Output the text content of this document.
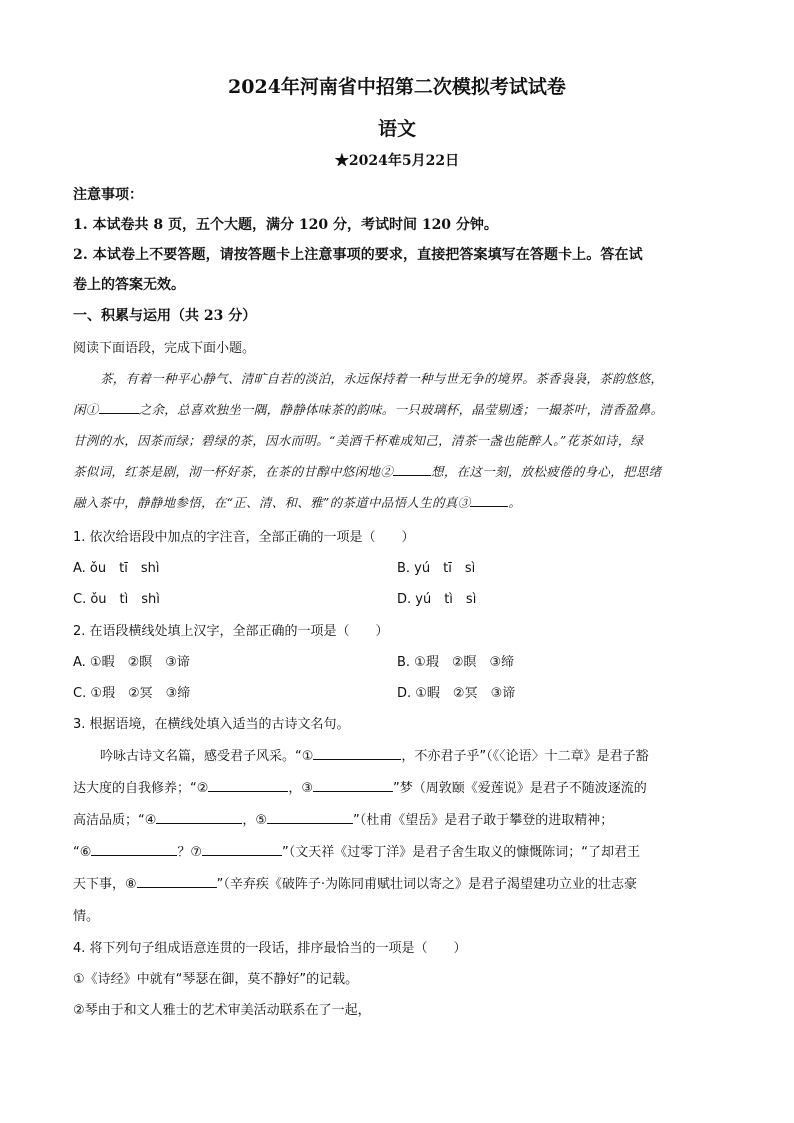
2024年河南省中招第二次模拟考试试卷
语文
★2024年5月22日
注意事项：
1. 本试卷共 8 页，五个大题，满分 120 分，考试时间 120 分钟。
2. 本试卷上不要答题，请按答题卡上注意事项的要求，直接把答案填写在答题卡上。答在试
卷上的答案无效。
一、积累与运用（共 23 分）
阅读下面语段，完成下面小题。
茶，有着一种平心静气、清旷自若的淡泊，永远保持着一种与世无争的境界。茶香袅袅，茶韵悠悠，
闲①	之余，总喜欢独坐一隅，静静体味茶的韵味。一只玻璃杯，晶莹剔透；一撮茶叶，清香盈鼻。
甘洌的水，因茶而绿；碧绿的茶，因水而明。“美酒千杯难成知己，清茶一盏也能醉人。”花茶如诗，绿
茶似词，红茶是剧，沏一杯好茶，在茶的甘醇中悠闲地②	想，在这一刻，放松疲倦的身心，把思绪
融入茶中，静静地参悟，在“正、清、和、雅”的茶道中品悟人生的真③	。
1. 依次给语段中加点的字注音，全部正确的一项是（　　）
A. ǒu　tī　shì	B. yú　tī　sì
C. ǒu　tì　shì	D. yú　tì　sì
2. 在语段横线处填上汉字，全部正确的一项是（　　）
A. ①暇　②瞑　③谛	B. ①瑕　②瞑　③缔
C. ①瑕　②冥　③缔	D. ①暇　②冥　③谛
3. 根据语境，在横线处填入适当的古诗文名句。
吟咏古诗文名篇，感受君子风采。“①	，不亦君子乎”（《〈论语〉十二章》是君子豁
达大度的自我修养；“②	，③	”梦（周敦颐《爱莲说》是君子不随波逐流的
高洁品质；“④	，⑤	”（杜甫《望岳》是君子敢于攀登的进取精神；
“⑥	？⑦	”（文天祥《过零丁洋》是君子舍生取义的慷慨陈词；“了却君王
天下事，⑧	”（辛弃疾《破阵子·为陈同甫赋壮词以寄之》是君子渴望建功立业的壮志豪
情。
4. 将下列句子组成语意连贯的一段话，排序最恰当的一项是（　　）
①《诗经》中就有“琴瑟在御，莫不静好”的记载。
②琴由于和文人雅士的艺术审美活动联系在了一起，
